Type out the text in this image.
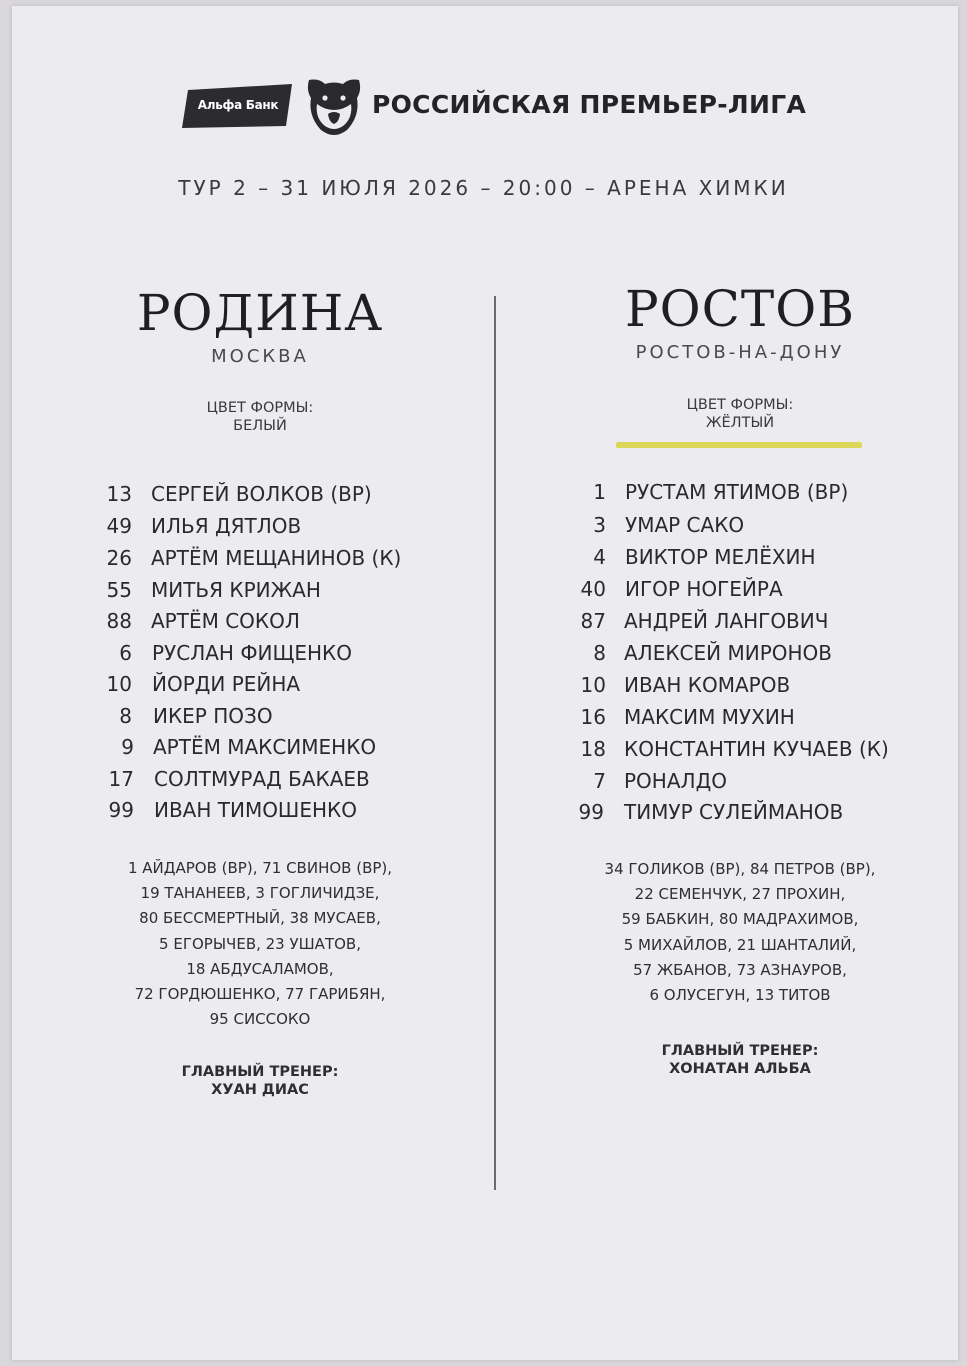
Альфа Банк	РОССИЙСКАЯ ПРЕМЬЕР-ЛИГА
ТУР 2 – 31 ИЮЛЯ 2026 – 20:00 – АРЕНА ХИМКИ
РОДИНА
МОСКВА
ЦВЕТ ФОРМЫ:
БЕЛЫЙ
13 СЕРГЕЙ ВОЛКОВ (ВР)
49 ИЛЬЯ ДЯТЛОВ
26 АРТЁМ МЕЩАНИНОВ (К)
55 МИТЬЯ КРИЖАН
88 АРТЁМ СОКОЛ
6 РУСЛАН ФИЩЕНКО
10 ЙОРДИ РЕЙНА
8 ИКЕР ПОЗО
9 АРТЁМ МАКСИМЕНКО
17 СОЛТМУРАД БАКАЕВ
99 ИВАН ТИМОШЕНКО
1 АЙДАРОВ (ВР), 71 СВИНОВ (ВР),
19 ТАНАНЕЕВ, 3 ГОГЛИЧИДЗЕ,
80 БЕССМЕРТНЫЙ, 38 МУСАЕВ,
5 ЕГОРЫЧЕВ, 23 УШАТОВ,
18 АБДУСАЛАМОВ,
72 ГОРДЮШЕНКО, 77 ГАРИБЯН,
95 СИССОКО
ГЛАВНЫЙ ТРЕНЕР:
ХУАН ДИАС
РОСТОВ
РОСТОВ-НА-ДОНУ
ЦВЕТ ФОРМЫ:
ЖЁЛТЫЙ
1 РУСТАМ ЯТИМОВ (ВР)
3 УМАР САКО
4 ВИКТОР МЕЛЁХИН
40 ИГОР НОГЕЙРА
87 АНДРЕЙ ЛАНГОВИЧ
8 АЛЕКСЕЙ МИРОНОВ
10 ИВАН КОМАРОВ
16 МАКСИМ МУХИН
18 КОНСТАНТИН КУЧАЕВ (К)
7 РОНАЛДО
99 ТИМУР СУЛЕЙМАНОВ
34 ГОЛИКОВ (ВР), 84 ПЕТРОВ (ВР),
22 СЕМЕНЧУК, 27 ПРОХИН,
59 БАБКИН, 80 МАДРАХИМОВ,
5 МИХАЙЛОВ, 21 ШАНТАЛИЙ,
57 ЖБАНОВ, 73 АЗНАУРОВ,
6 ОЛУСЕГУН, 13 ТИТОВ
ГЛАВНЫЙ ТРЕНЕР:
ХОНАТАН АЛЬБА
